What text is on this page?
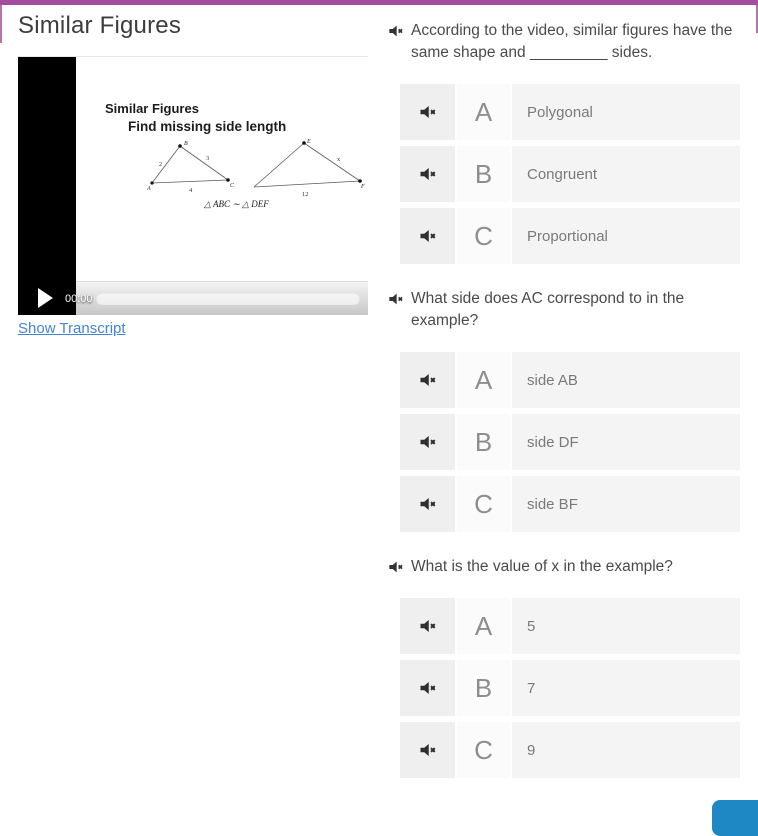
Similar Figures
Similar Figures
Find missing side length
A
B
C
2
3
4
E
F
x
12
△ ABC ∼ △ DEF
00:00
Show Transcript
According to the video, similar figures have the same shape and _________ sides.
A	Polygonal
B	Congruent
C	Proportional
What side does AC correspond to in the example?
A	side AB
B	side DF
C	side BF
What is the value of x in the example?
A	5
B	7
C	9
